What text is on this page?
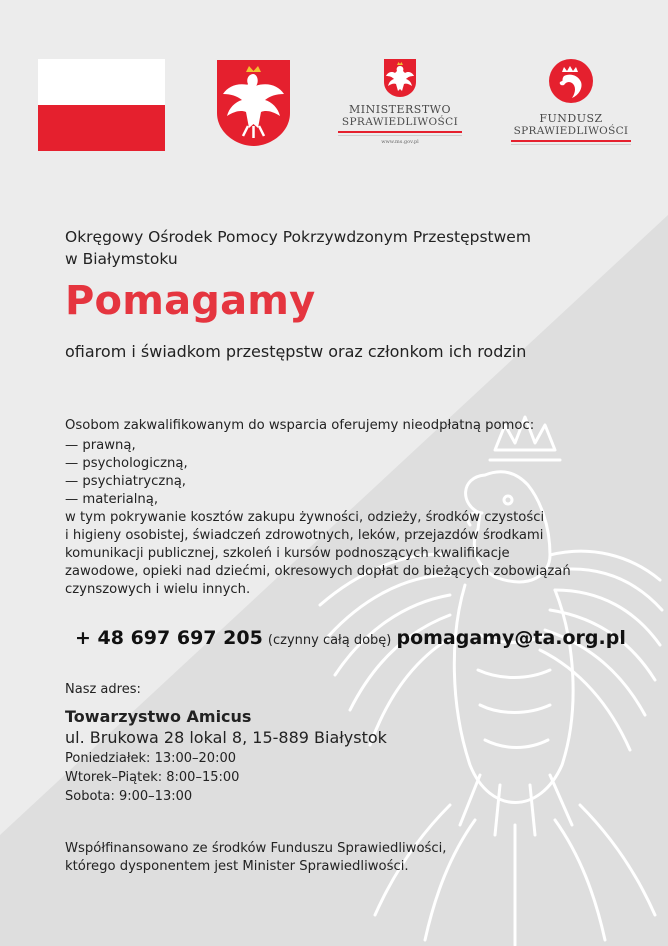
MINISTERSTWO
SPRAWIEDLIWOŚCI
www.ms.gov.pl
FUNDUSZ
SPRAWIEDLIWOŚCI
Okręgowy Ośrodek Pomocy Pokrzywdzonym Przestępstwem
w Białymstoku
Pomagamy
ofiarom i świadkom przestępstw oraz członkom ich rodzin
Osobom zakwalifikowanym do wsparcia oferujemy nieodpłatną pomoc:
— prawną,
— psychologiczną,
— psychiatryczną,
— materialną,
w tym pokrywanie kosztów zakupu żywności, odzieży, środków czystości
i higieny osobistej, świadczeń zdrowotnych, leków, przejazdów środkami
komunikacji publicznej, szkoleń i kursów podnoszących kwalifikacje
zawodowe, opieki nad dziećmi, okresowych dopłat do bieżących zobowiązań
czynszowych i wielu innych.
+ 48 697 697 205 (czynny całą dobę) pomagamy@ta.org.pl
Nasz adres:
Towarzystwo Amicus
ul. Brukowa 28 lokal 8, 15-889 Białystok
Poniedziałek: 13:00–20:00
Wtorek–Piątek: 8:00–15:00
Sobota: 9:00–13:00
Współfinansowano ze środków Funduszu Sprawiedliwości,
którego dysponentem jest Minister Sprawiedliwości.
